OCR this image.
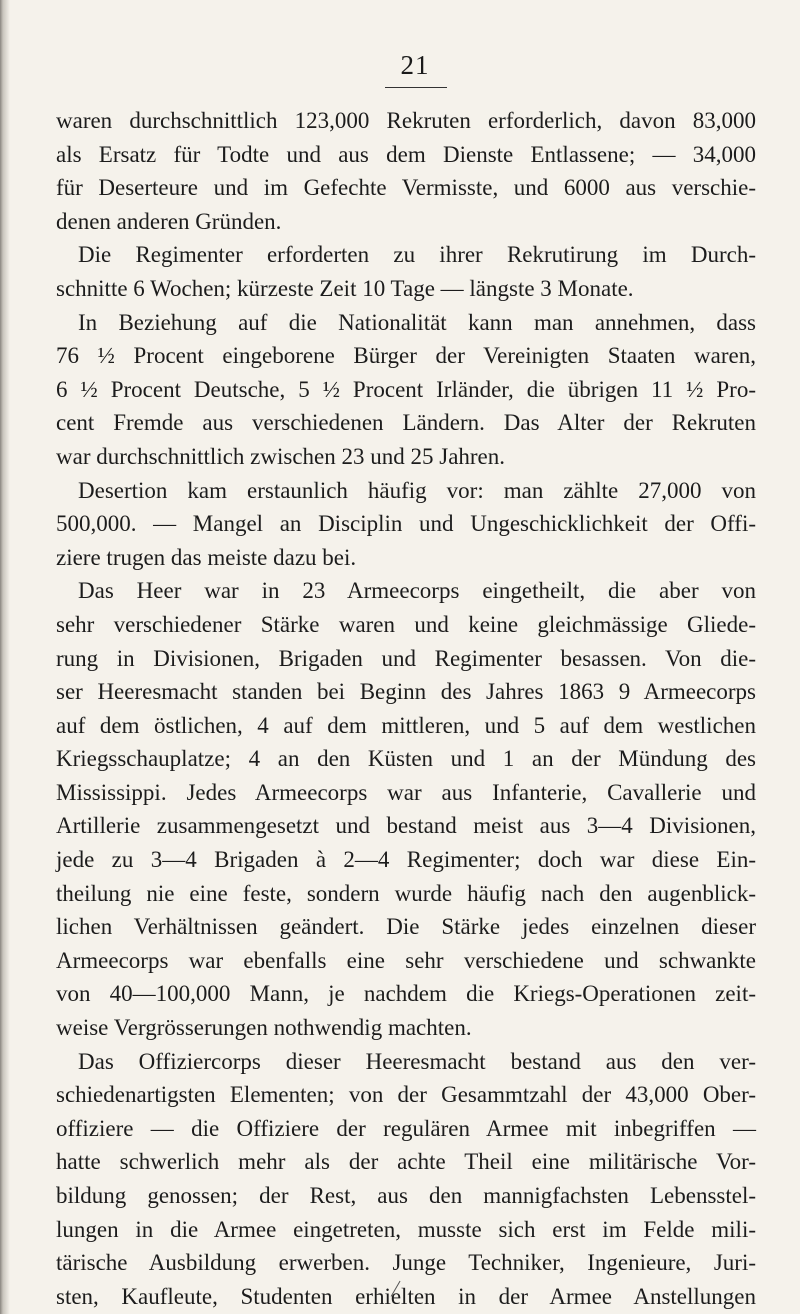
21
waren durchschnittlich 123,000 Rekruten erforderlich, davon 83,000
als Ersatz für Todte und aus dem Dienste Entlassene; — 34,000
für Deserteure und im Gefechte Vermisste, und 6000 aus verschie-
denen anderen Gründen.
Die Regimenter erforderten zu ihrer Rekrutirung im Durch-
schnitte 6 Wochen; kürzeste Zeit 10 Tage — längste 3 Monate.
In Beziehung auf die Nationalität kann man annehmen, dass
76 ½ Procent eingeborene Bürger der Vereinigten Staaten waren,
6 ½ Procent Deutsche, 5 ½ Procent Irländer, die übrigen 11 ½ Pro-
cent Fremde aus verschiedenen Ländern. Das Alter der Rekruten
war durchschnittlich zwischen 23 und 25 Jahren.
Desertion kam erstaunlich häufig vor: man zählte 27,000 von
500,000. — Mangel an Disciplin und Ungeschicklichkeit der Offi-
ziere trugen das meiste dazu bei.
Das Heer war in 23 Armeecorps eingetheilt, die aber von
sehr verschiedener Stärke waren und keine gleichmässige Gliede-
rung in Divisionen, Brigaden und Regimenter besassen. Von die-
ser Heeresmacht standen bei Beginn des Jahres 1863 9 Armeecorps
auf dem östlichen, 4 auf dem mittleren, und 5 auf dem westlichen
Kriegsschauplatze; 4 an den Küsten und 1 an der Mündung des
Mississippi. Jedes Armeecorps war aus Infanterie, Cavallerie und
Artillerie zusammengesetzt und bestand meist aus 3—4 Divisionen,
jede zu 3—4 Brigaden à 2—4 Regimenter; doch war diese Ein-
theilung nie eine feste, sondern wurde häufig nach den augenblick-
lichen Verhältnissen geändert. Die Stärke jedes einzelnen dieser
Armeecorps war ebenfalls eine sehr verschiedene und schwankte
von 40—100,000 Mann, je nachdem die Kriegs-Operationen zeit-
weise Vergrösserungen nothwendig machten.
Das Offiziercorps dieser Heeresmacht bestand aus den ver-
schiedenartigsten Elementen; von der Gesammtzahl der 43,000 Ober-
offiziere — die Offiziere der regulären Armee mit inbegriffen —
hatte schwerlich mehr als der achte Theil eine militärische Vor-
bildung genossen; der Rest, aus den mannigfachsten Lebensstel-
lungen in die Armee eingetreten, musste sich erst im Felde mili-
tärische Ausbildung erwerben. Junge Techniker, Ingenieure, Juri-
sten, Kaufleute, Studenten erhielten in der Armee Anstellungen
